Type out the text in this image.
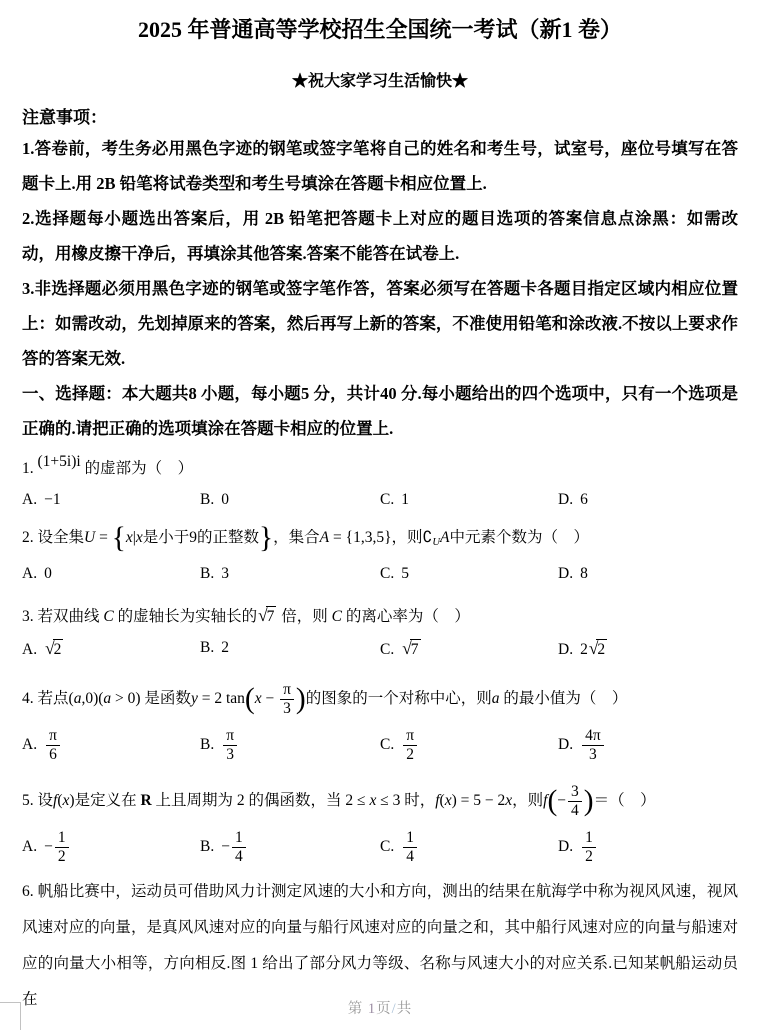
2025 年普通高等学校招生全国统一考试（新1 卷）
★祝大家学习生活愉快★
注意事项：

1.答卷前，考生务必用黑色字迹的钢笔或签字笔将自己的姓名和考生号，试室号，座位号填写在答题卡上.用 2B 铅笔将试卷类型和考生号填涂在答题卡相应位置上.

2.选择题每小题选出答案后，用 2B 铅笔把答题卡上对应的题目选项的答案信息点涂黑：如需改动，用橡皮擦干净后，再填涂其他答案.答案不能答在试卷上.

3.非选择题必须用黑色字迹的钢笔或签字笔作答，答案必须写在答题卡各题目指定区域内相应位置上：如需改动，先划掉原来的答案，然后再写上新的答案，不准使用铅笔和涂改液.不按以上要求作答的答案无效.

一、选择题：本大题共8 小题，每小题5 分，共计40 分.每小题给出的四个选项中，只有一个选项是正确的.请把正确的选项填涂在答题卡相应的位置上.

1. (1+5i)i 的虚部为（　）
A. −1	B. 0	C. 1	D. 6
2. 设全集U = {x|x是小于9的正整数}，集合A = {1,3,5}，则$∁_UA$中元素个数为（　）
A. 0	B. 3	C. 5	D. 8
3. 若双曲线 C 的虚轴长为实轴长的√7 倍，则 C 的离心率为（　）
A. √2	B. 2	C. √7	D. 2√2
4. 若点(a,0)(a > 0) 是函数y = 2 $\tan(x - \frac{\pi}{3}$ )的图象的一个对称中心，则a 的最小值为（　）
A. $\frac{\pi}{6}$	B. $\frac{\pi}{3}$	C. $\frac{\pi}{2}$	D. $\frac{4\pi}{3}$
5. 设f(x)是定义在 R 上且周期为 2 的偶函数，当 2 ≤ x ≤ 3 时，f(x) = 5 − 2x，则$f(- \frac{3}{4}$ )＝（　）
A. − $\frac{1}{2}$	B. − $\frac{1}{4}$	C. $\frac{1}{4}$	D. $\frac{1}{2}$

6. 帆船比赛中，运动员可借助风力计测定风速的大小和方向，测出的结果在航海学中称为视风风速，视风风速对应的向量，是真风风速对应的向量与船行风速对应的向量之和，其中船行风速对应的向量与船速对应的向量大小相等，方向相反.图 1 给出了部分风力等级、名称与风速大小的对应关系.已知某帆船运动员在

第 1页/共
